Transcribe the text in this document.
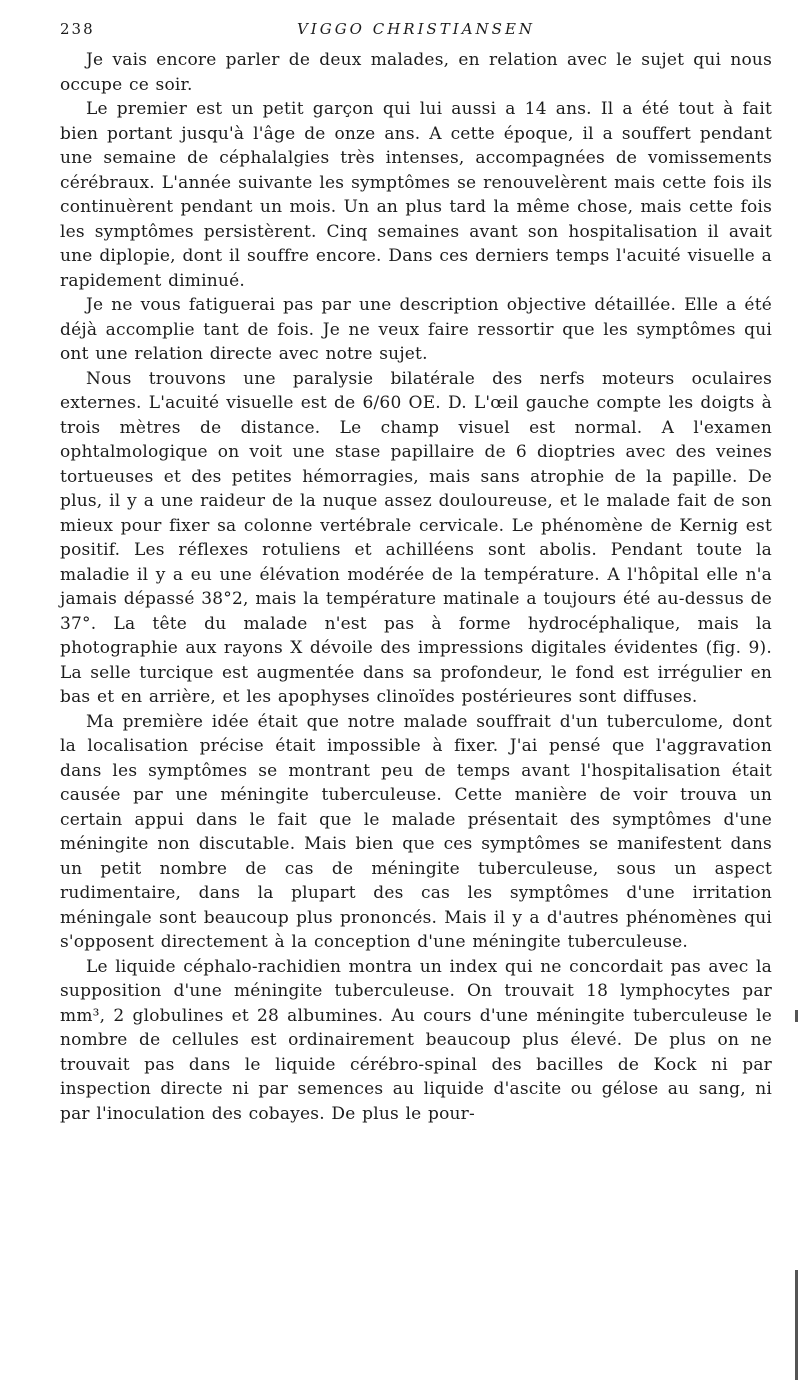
238	VIGGO CHRISTIANSEN

Je vais encore parler de deux malades, en relation avec le sujet qui nous occupe ce soir.

Le premier est un petit garçon qui lui aussi a 14 ans. Il a été tout à fait bien portant jusqu'à l'âge de onze ans. A cette époque, il a souffert pendant une semaine de céphalalgies très intenses, accompagnées de vomissements cérébraux. L'année suivante les symptômes se renouvelèrent mais cette fois ils continuèrent pendant un mois. Un an plus tard la même chose, mais cette fois les symptômes persistèrent. Cinq semaines avant son hospitalisation il avait une diplopie, dont il souffre encore. Dans ces derniers temps l'acuité visuelle a rapidement diminué.

Je ne vous fatiguerai pas par une description objective détaillée. Elle a été déjà accomplie tant de fois. Je ne veux faire ressortir que les symptômes qui ont une relation directe avec notre sujet.

Nous trouvons une paralysie bilatérale des nerfs moteurs oculaires externes. L'acuité visuelle est de 6/60 OE. D. L'œil gauche compte les doigts à trois mètres de distance. Le champ visuel est normal. A l'examen ophtalmologique on voit une stase papillaire de 6 dioptries avec des veines tortueuses et des petites hémorragies, mais sans atrophie de la papille. De plus, il y a une raideur de la nuque assez douloureuse, et le malade fait de son mieux pour fixer sa colonne vertébrale cervicale. Le phénomène de Kernig est positif. Les réflexes rotuliens et achilléens sont abolis. Pendant toute la maladie il y a eu une élévation modérée de la température. A l'hôpital elle n'a jamais dépassé 38°2, mais la température matinale a toujours été au-dessus de 37°. La tête du malade n'est pas à forme hydrocéphalique, mais la photographie aux rayons X dévoile des impressions digitales évidentes (fig. 9). La selle turcique est augmentée dans sa profondeur, le fond est irrégulier en bas et en arrière, et les apophyses clinoïdes postérieures sont diffuses.

Ma première idée était que notre malade souffrait d'un tuberculome, dont la localisation précise était impossible à fixer. J'ai pensé que l'aggravation dans les symptômes se montrant peu de temps avant l'hospitalisation était causée par une méningite tuberculeuse. Cette manière de voir trouva un certain appui dans le fait que le malade présentait des symptômes d'une méningite non discutable. Mais bien que ces symptômes se manifestent dans un petit nombre de cas de méningite tuberculeuse, sous un aspect rudimentaire, dans la plupart des cas les symptômes d'une irritation méningale sont beaucoup plus prononcés. Mais il y a d'autres phénomènes qui s'opposent directement à la conception d'une méningite tuberculeuse.

Le liquide céphalo-rachidien montra un index qui ne concordait pas avec la supposition d'une méningite tuberculeuse. On trouvait 18 lymphocytes par mm³, 2 globulines et 28 albumines. Au cours d'une méningite tuberculeuse le nombre de cellules est ordinairement beaucoup plus élevé. De plus on ne trouvait pas dans le liquide cérébro-spinal des bacilles de Kock ni par inspection directe ni par semences au liquide d'ascite ou gélose au sang, ni par l'inoculation des cobayes. De plus le pour-
